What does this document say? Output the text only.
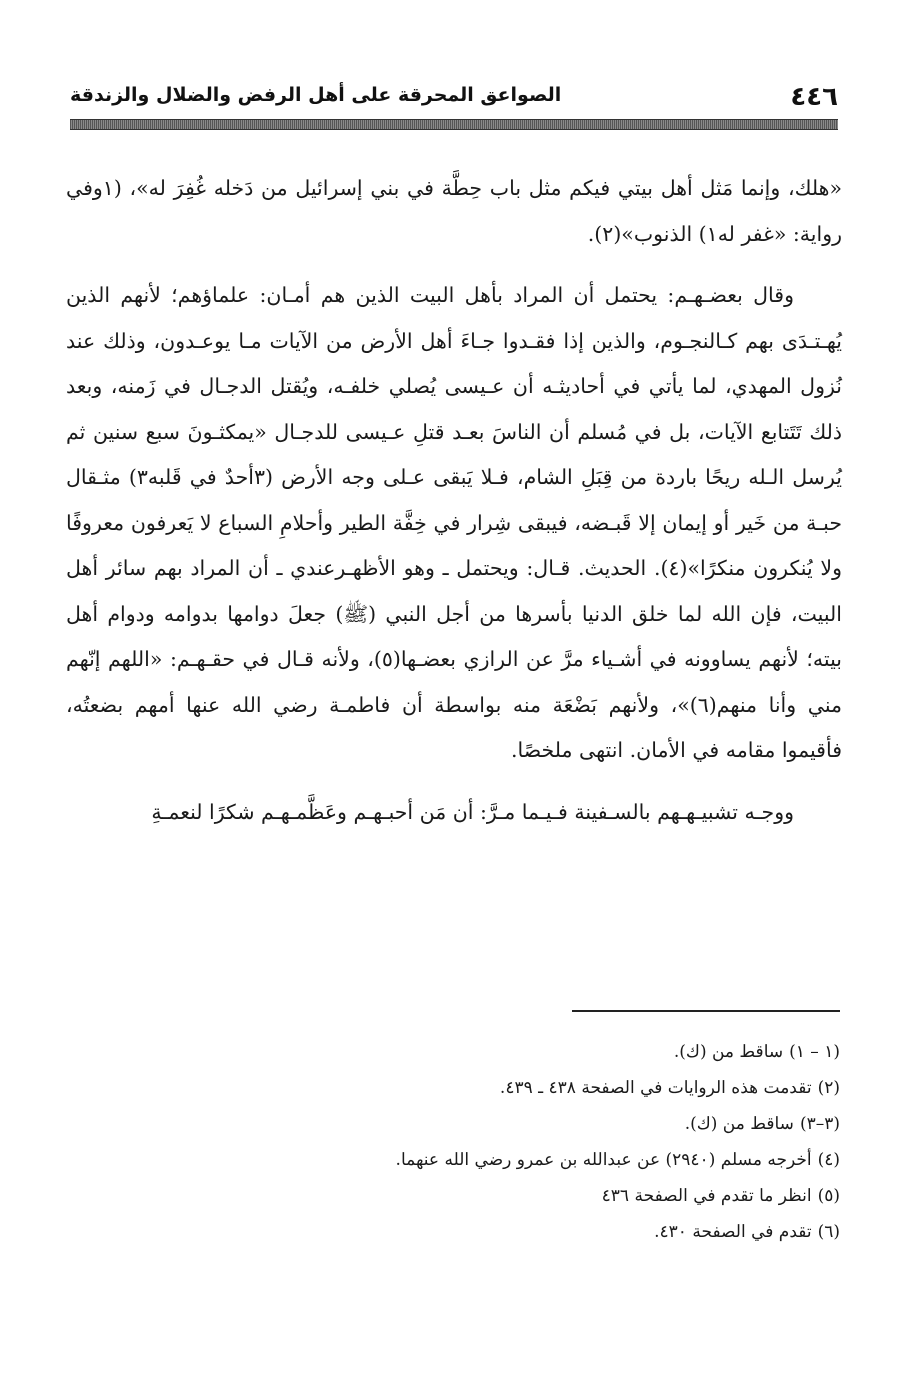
٤٤٦
الصواعق المحرقة على أهل الرفض والضلال والزندقة

«هلك، وإنما مَثل أهل بيتي فيكم مثل باب حِطَّة في بني إسرائيل من دَخله غُفِرَ له»، (١وفي رواية: «غفر له١) الذنوب»(٢).

وقال بعضـهـم: يحتمل أن المراد بأهل البيت الذين هم أمـان: علماؤهم؛ لأنهم الذين يُهـتـدَى بهم كـالنجـوم، والذين إذا فقـدوا جـاءَ أهل الأرض من الآيات مـا يوعـدون، وذلك عند نُزول المهدي، لما يأتي في أحاديثـه أن عـيسى يُصلي خلفـه، ويُقتل الدجـال في زَمنه، وبعد ذلك تَتَتابع الآيات، بل في مُسلم أن الناسَ بعـد قتلِ عـيسى للدجـال «يمكثـونَ سبع سنين ثم يُرسل الـله ريحًا باردة من قِبَلِ الشام، فـلا يَبقى عـلى وجه الأرض (٣أحدٌ في قَلبه٣) مثـقال حبـة من خَير أو إيمان إلا قَبـضه، فيبقى شِرار في خِفَّة الطير وأحلامِ السباع لا يَعرفون معروفًا ولا يُنكرون منكرًا»(٤). الحديث. قـال: ويحتمل ـ وهو الأظهـرعندي ـ أن المراد بهم سائر أهل البيت، فإن الله لما خلق الدنيا بأسرها من أجل النبي (ﷺ) جعلَ دوامها بدوامه ودوام أهل بيته؛ لأنهم يساوونه في أشـياء مرَّ عن الرازي بعضـها(٥)، ولأنه قـال في حقـهـم: «اللهم إنّهم مني وأنا منهم(٦)»، ولأنهم بَضْعَة منه بواسطة أن فاطمـة رضي الله عنها أمهم بضعتُه، فأقيموا مقامه في الأمان. انتهى ملخصًا.

ووجـه تشبيـهـهم بالسـفينة فـيـما مـرَّ: أن مَن أحبـهـم وعَظَّمـهـم شكرًا لنعمـةِ

(١ – ١)ساقط من (ك).
(٢)تقدمت هذه الروايات في الصفحة ٤٣٨ ـ ٤٣٩.
(٣–٣)ساقط من (ك).
(٤)أخرجه مسلم (٢٩٤٠) عن عبدالله بن عمرو رضي الله عنهما.
(٥)انظر ما تقدم في الصفحة ٤٣٦
(٦)تقدم في الصفحة ٤٣٠.
